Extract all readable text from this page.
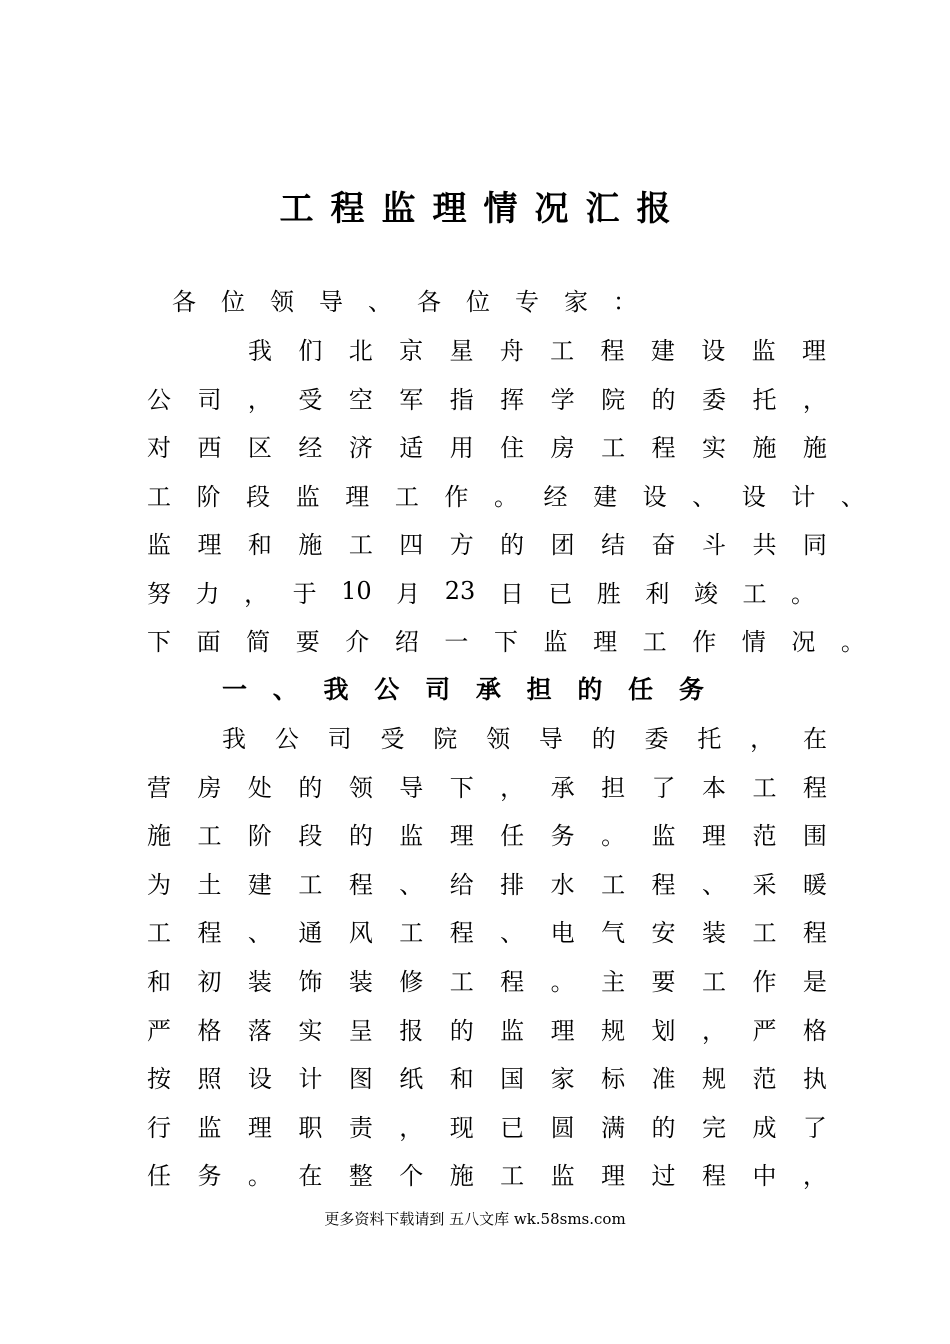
工程监理情况汇报
各 位 领 导 、 各 位 专 家 ：
我 们 北 京 星 舟 工 程 建 设 监 理
公 司 ， 受 空 军 指 挥 学 院 的 委 托 ，
对 西 区 经 济 适 用 住 房 工 程 实 施 施
工 阶 段 监 理 工 作 。 经 建 设 、 设 计 、
监 理 和 施 工 四 方 的 团 结 奋 斗 共 同
努 力 ， 于 10 月 23 日 已 胜 利 竣 工 。
下 面 简 要 介 绍 一 下 监 理 工 作 情 况 。
一 、 我 公 司 承 担 的 任 务
我 公 司 受 院 领 导 的 委 托 ， 在
营 房 处 的 领 导 下 ， 承 担 了 本 工 程
施 工 阶 段 的 监 理 任 务 。 监 理 范 围
为 土 建 工 程 、 给 排 水 工 程 、 采 暖
工 程 、 通 风 工 程 、 电 气 安 装 工 程
和 初 装 饰 装 修 工 程 。 主 要 工 作 是
严 格 落 实 呈 报 的 监 理 规 划 ， 严 格
按 照 设 计 图 纸 和 国 家 标 准 规 范 执
行 监 理 职 责 ， 现 已 圆 满 的 完 成 了
任 务 。 在 整 个 施 工 监 理 过 程 中 ，
更多资料下载请到 五八文库 wk.58sms.com
